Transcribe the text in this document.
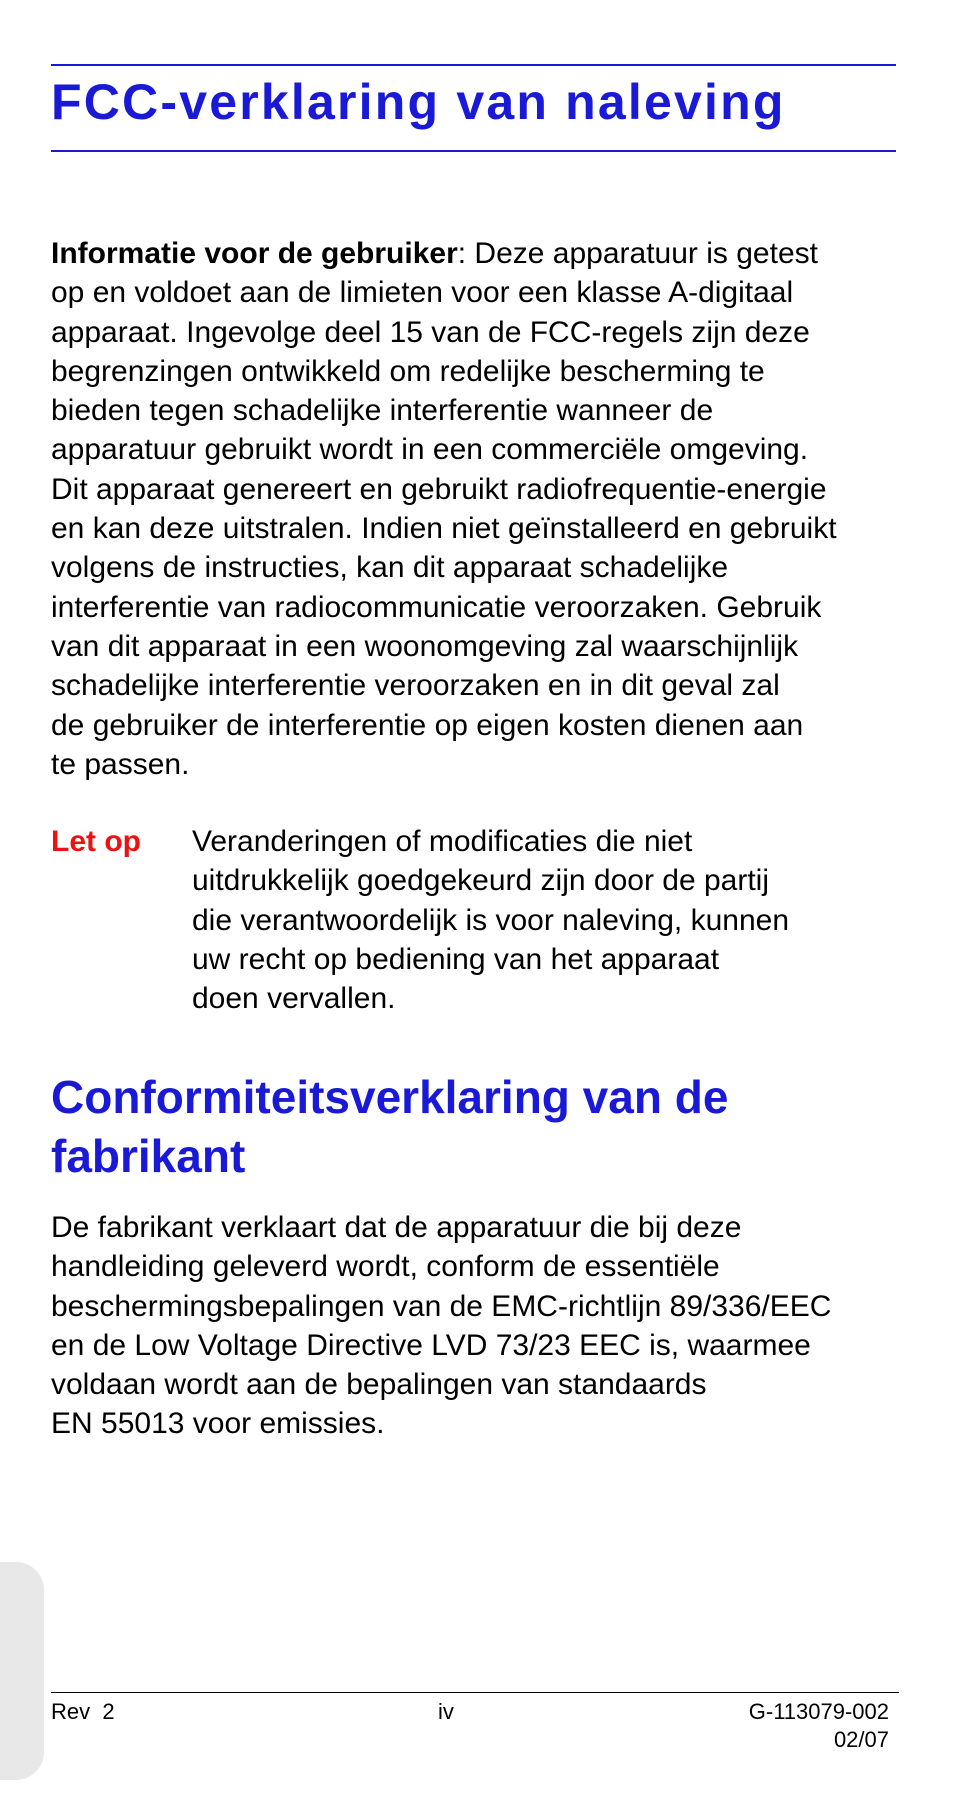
FCC-verklaring van naleving

Informatie voor de gebruiker: Deze apparatuur is getest
op en voldoet aan de limieten voor een klasse A-digitaal
apparaat. Ingevolge deel 15 van de FCC-regels zijn deze
begrenzingen ontwikkeld om redelijke bescherming te
bieden tegen schadelijke interferentie wanneer de
apparatuur gebruikt wordt in een commerciële omgeving.
Dit apparaat genereert en gebruikt radiofrequentie-energie
en kan deze uitstralen. Indien niet geïnstalleerd en gebruikt
volgens de instructies, kan dit apparaat schadelijke
interferentie van radiocommunicatie veroorzaken. Gebruik
van dit apparaat in een woonomgeving zal waarschijnlijk
schadelijke interferentie veroorzaken en in dit geval zal
de gebruiker de interferentie op eigen kosten dienen aan
te passen.

Let op Veranderingen of modificaties die niet
uitdrukkelijk goedgekeurd zijn door de partij
die verantwoordelijk is voor naleving, kunnen
uw recht op bediening van het apparaat
doen vervallen.

Conformiteitsverklaring van de
fabrikant

De fabrikant verklaart dat de apparatuur die bij deze
handleiding geleverd wordt, conform de essentiële
beschermingsbepalingen van de EMC-richtlijn 89/336/EEC
en de Low Voltage Directive LVD 73/23 EEC is, waarmee
voldaan wordt aan de bepalingen van standaards
EN 55013 voor emissies.

Rev  2	iv	G-113079-002

02/07
